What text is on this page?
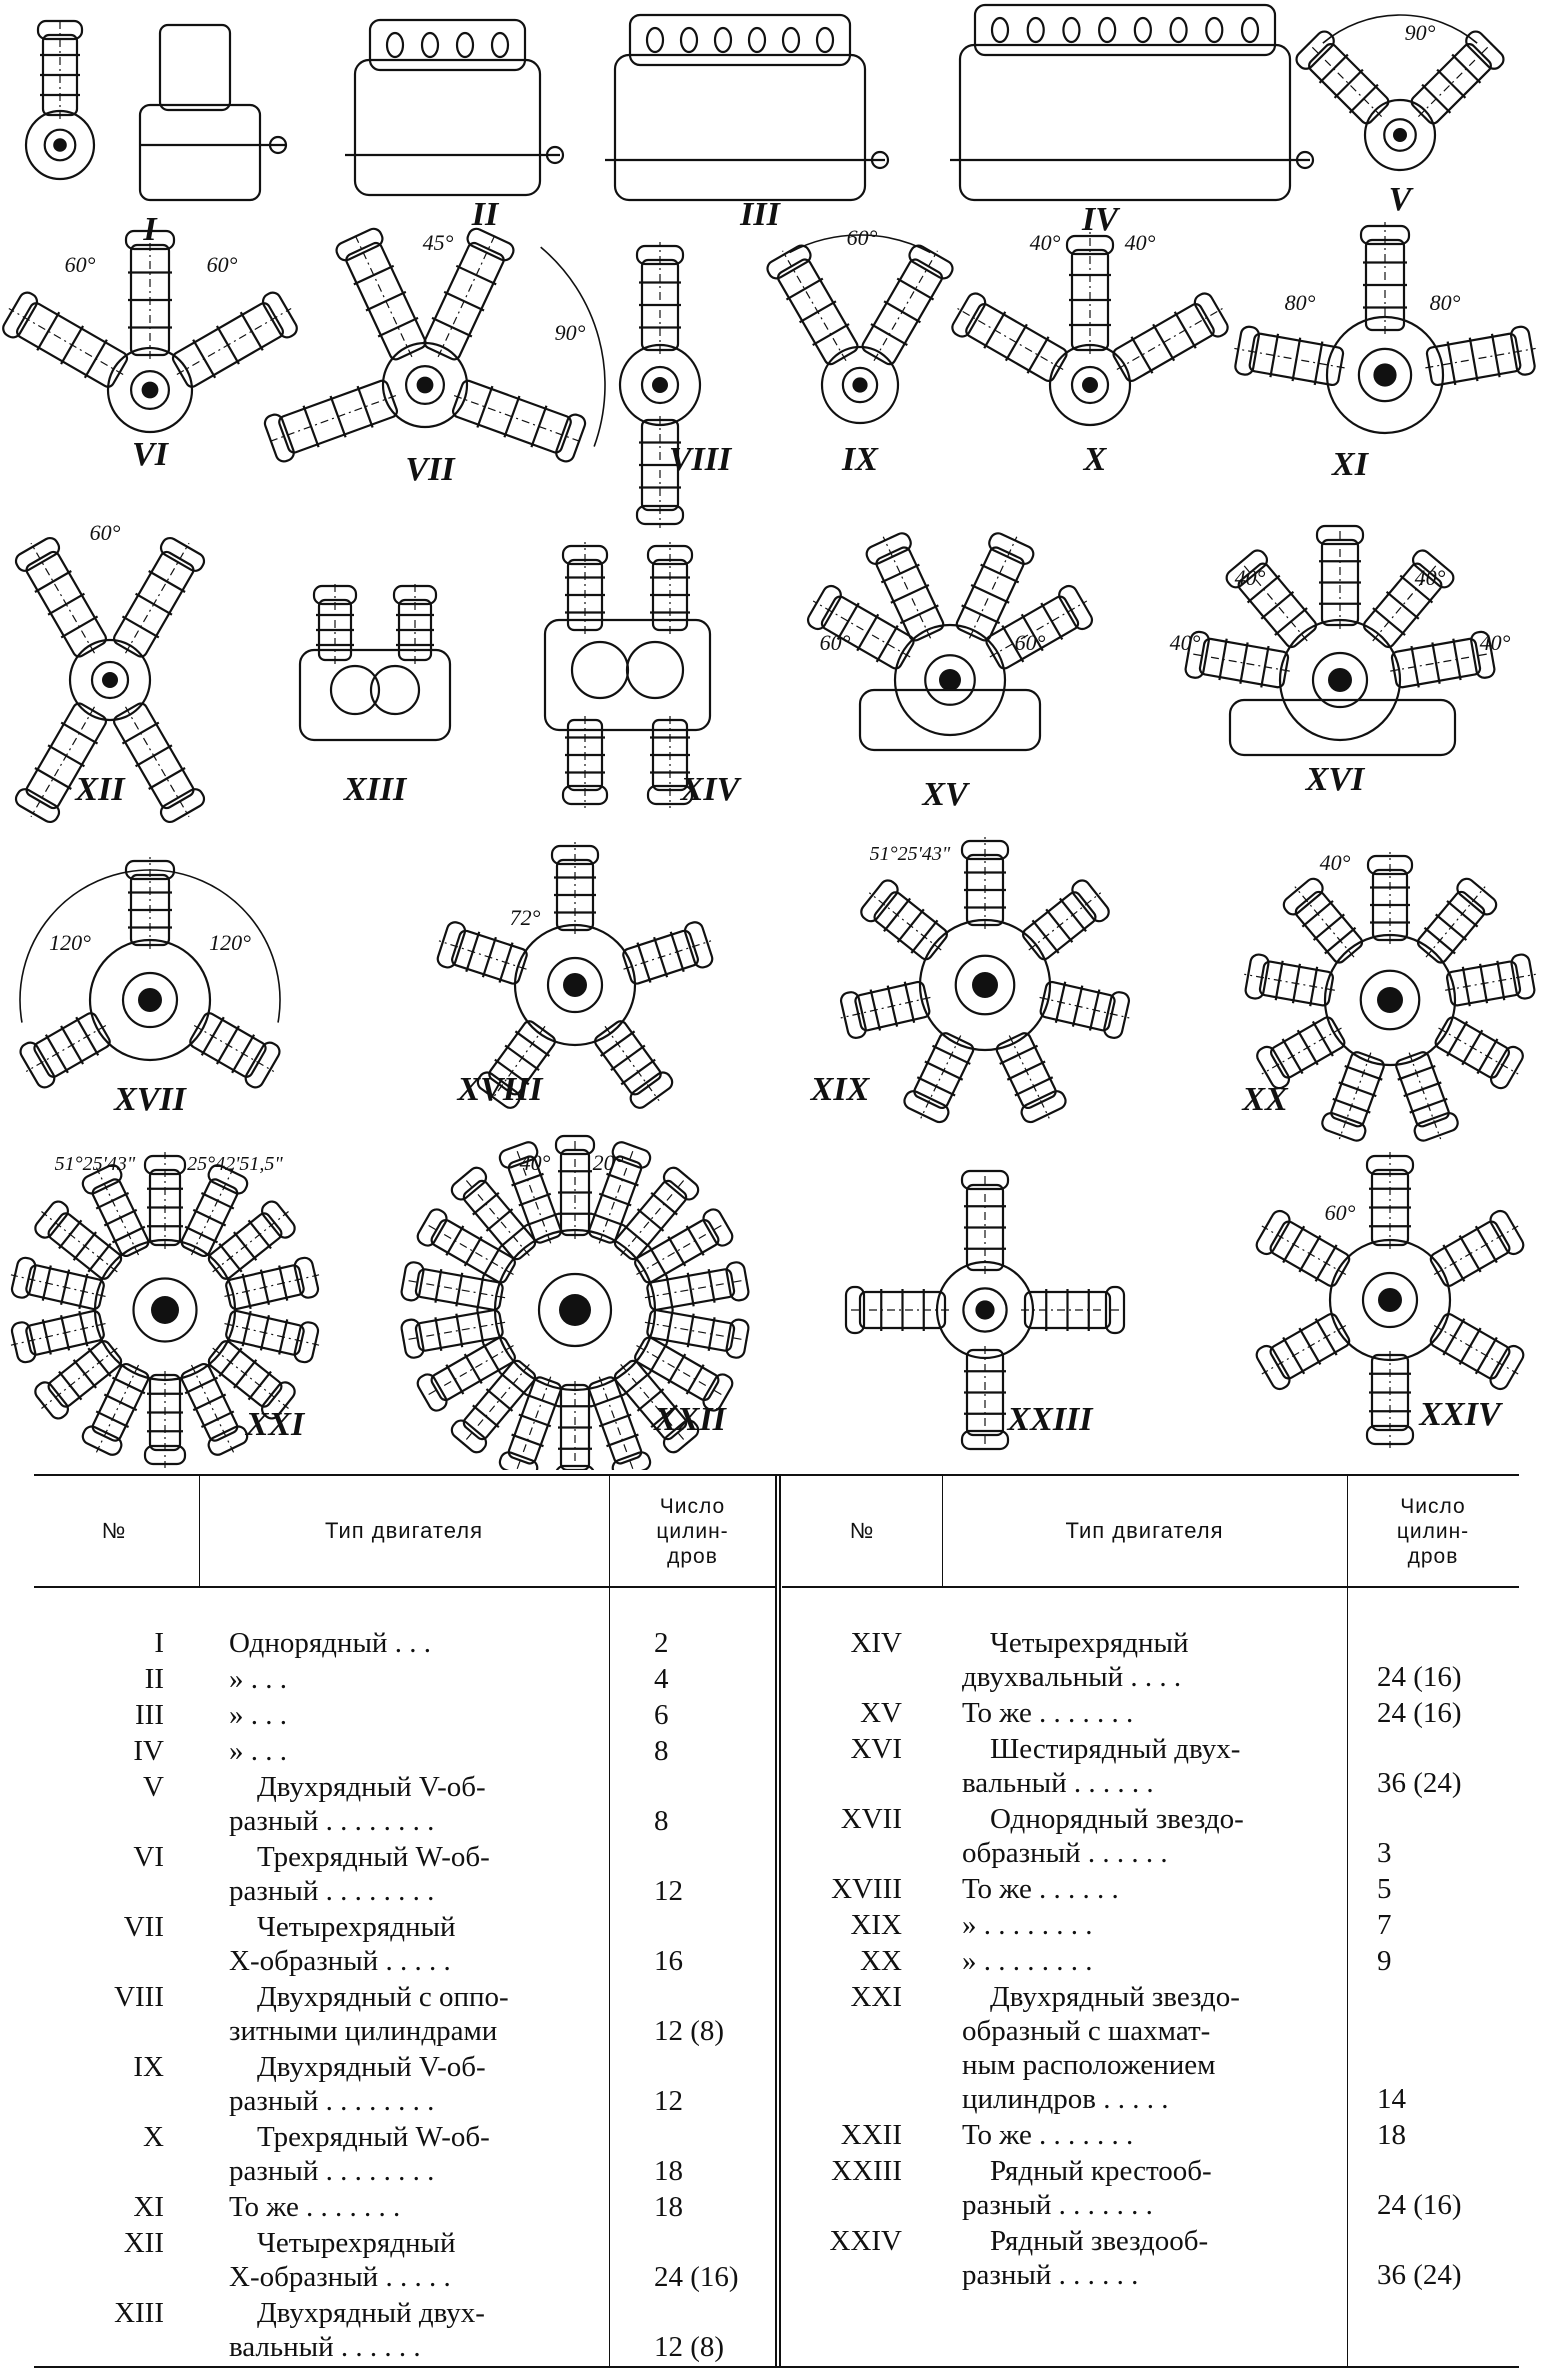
I	II	III	IV
V
90°
VI
60°	60°
VII
45°
90°
VIII	IX
60°
X
40°	40°
XI
80°	80°
XII
60°
XIII	XIV	XV
60°	60°
XVI
40°	40°
40°	40°
XVII
120°	120°
XVIII
72°
XIX
51°25'43"
XX
40°
XXI
51°25'43"	25°42'51,5"
XXII
40° 20°
XXIII	XXIV
60°
№	Тип двигателя
Число цилин-дров
I Однорядный . . .	2
II » . . .	4
III » . . .	6
IV » . . .	8
V	Двухрядный V-об-
разный . . . . . . . .	8
VI	Трехрядный W-об-
разный . . . . . . . .	12
VII	Четырехрядный
X-образный . . . . .	16
VIII	Двухрядный с оппо-
зитными цилиндрами	12 (8)
IX	Двухрядный V-об-
разный . . . . . . . .	12
X	Трехрядный W-об-
разный . . . . . . . .	18
XI То же . . . . . . .	18
XII	Четырехрядный
X-образный . . . . .	24 (16)
XIII	Двухрядный двух-
вальный . . . . . .	12 (8)
№	Тип двигателя
Число цилин-дров
XIV	Четырехрядный
двухвальный . . . .	24 (16)
XV То же . . . . . . .	24 (16)
XVI	Шестирядный двух-
вальный . . . . . .	36 (24)
XVII	Однорядный звездо-
образный . . . . . .	3
XVIII То же . . . . . .	5
XIX » . . . . . . . .	7
XX » . . . . . . . .	9
XXI	Двухрядный звездо-
образный с шахмат-
ным расположением
цилиндров . . . . .	14
XXII То же . . . . . . .	18
XXIII	Рядный крестооб-
разный . . . . . . .	24 (16)
XXIV	Рядный звездооб-
разный . . . . . .	36 (24)
